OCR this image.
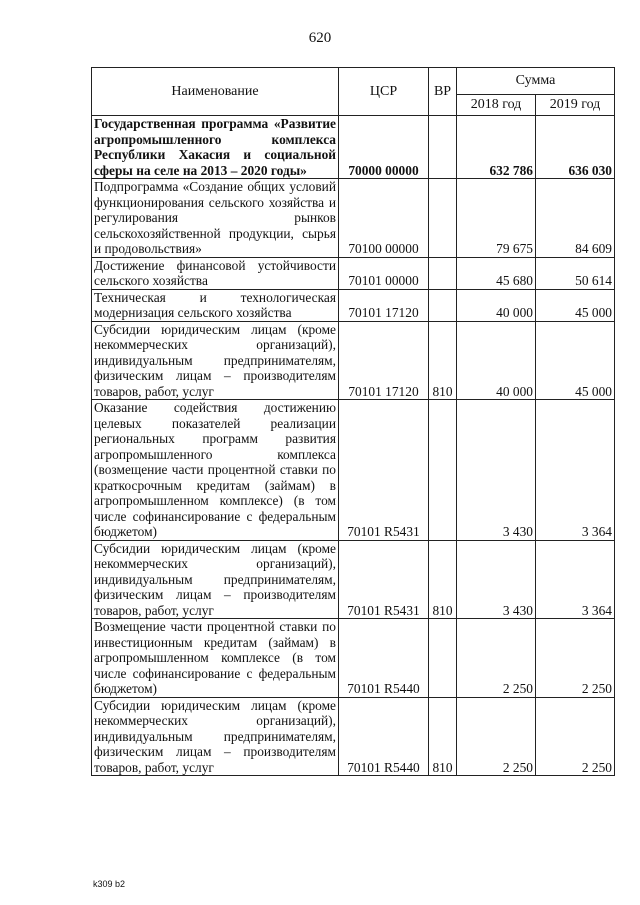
620
Наименование	ЦСР	ВР	Сумма	
			2018 год	2019 год
Государственная программа «Развитие агропромышленного комплекса Республики Хакасия и социальной сферы на селе на 2013 – 2020 годы»	70000 00000		632 786	636 030
Подпрограмма «Создание общих условий функционирования сельского хозяйства и регулирования рынков сельскохозяйственной продукции, сырья и продовольствия»	70100 00000		79 675	84 609
Достижение финансовой устойчивости сельского хозяйства	70101 00000		45 680	50 614
Техническая и технологическая модернизация сельского хозяйства	70101 17120		40 000	45 000
Субсидии юридическим лицам (кроме некоммерческих организаций), индивидуальным предпринимателям, физическим лицам – производителям товаров, работ, услуг	70101 17120	810	40 000	45 000
Оказание содействия достижению целевых показателей реализации региональных программ развития агропромышленного комплекса (возмещение части процентной ставки по краткосрочным кредитам (займам) в агропромышленном комплексе) (в том числе софинансирование с федеральным бюджетом)	70101 R5431		3 430	3 364
Субсидии юридическим лицам (кроме некоммерческих организаций), индивидуальным предпринимателям, физическим лицам – производителям товаров, работ, услуг	70101 R5431	810	3 430	3 364
Возмещение части процентной ставки по инвестиционным кредитам (займам) в агропромышленном комплексе (в том числе софинансирование с федеральным бюджетом)	70101 R5440		2 250	2 250
Субсидии юридическим лицам (кроме некоммерческих организаций), индивидуальным предпринимателям, физическим лицам – производителям товаров, работ, услуг	70101 R5440	810	2 250	2 250
k309 b2
